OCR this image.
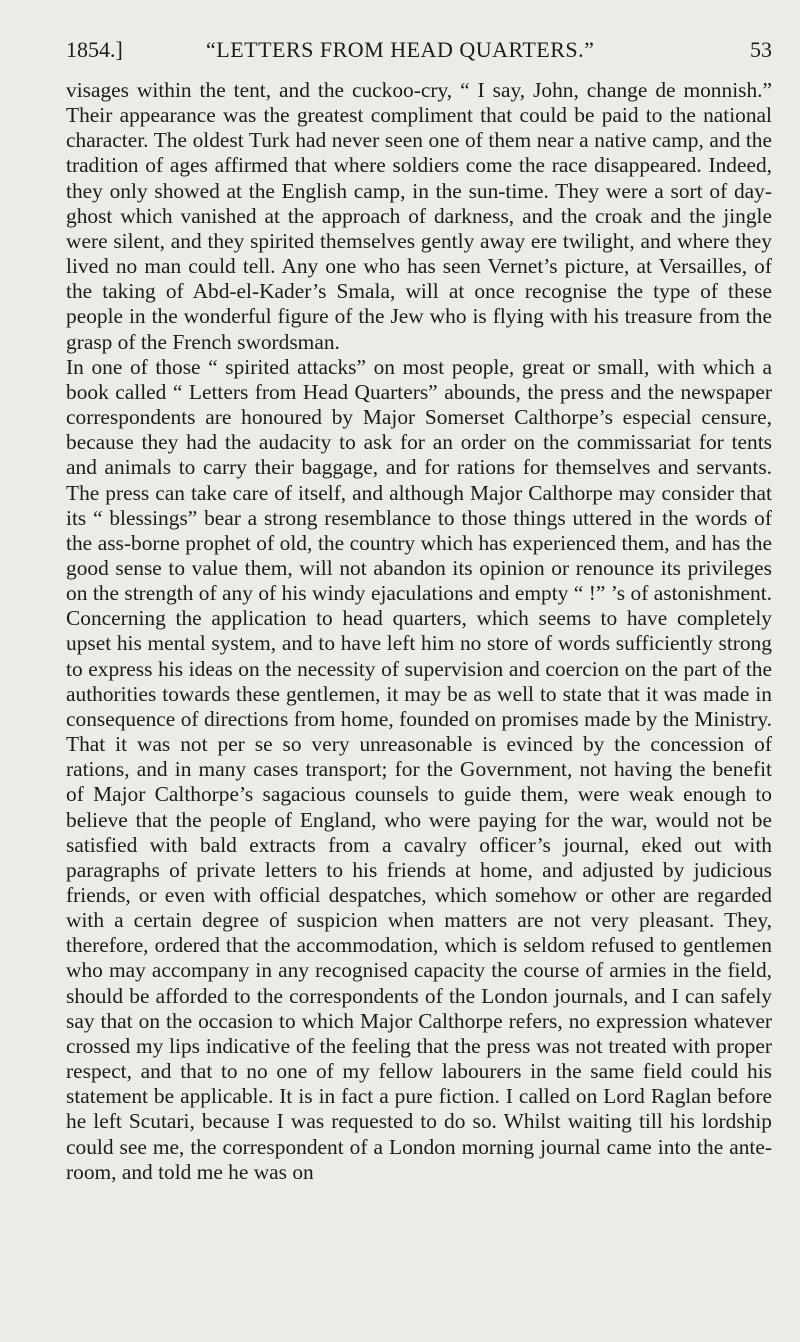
1854.]	“LETTERS FROM HEAD QUARTERS.”	53

visages within the tent, and the cuckoo-cry, “ I say, John, change de monnish.” Their appearance was the greatest compliment that could be paid to the national character. The oldest Turk had never seen one of them near a native camp, and the tradition of ages affirmed that where soldiers come the race disappeared. Indeed, they only showed at the English camp, in the sun-time. They were a sort of day-ghost which vanished at the approach of darkness, and the croak and the jingle were silent, and they spirited themselves gently away ere twilight, and where they lived no man could tell. Any one who has seen Vernet’s picture, at Versailles, of the taking of Abd-el-Kader’s Smala, will at once recognise the type of these people in the wonderful figure of the Jew who is flying with his treasure from the grasp of the French swordsman.

In one of those “ spirited attacks” on most people, great or small, with which a book called “ Letters from Head Quarters” abounds, the press and the newspaper correspondents are honoured by Major Somerset Calthorpe’s especial censure, because they had the audacity to ask for an order on the commissariat for tents and animals to carry their baggage, and for rations for themselves and servants. The press can take care of itself, and although Major Calthorpe may consider that its “ blessings” bear a strong resemblance to those things uttered in the words of the ass-borne prophet of old, the country which has experienced them, and has the good sense to value them, will not abandon its opinion or renounce its privileges on the strength of any of his windy ejaculations and empty “ !” ’s of astonishment. Concerning the application to head quarters, which seems to have completely upset his mental system, and to have left him no store of words sufficiently strong to express his ideas on the necessity of supervision and coercion on the part of the authorities towards these gentlemen, it may be as well to state that it was made in consequence of directions from home, founded on promises made by the Ministry. That it was not per se so very unreasonable is evinced by the concession of rations, and in many cases transport; for the Government, not having the benefit of Major Calthorpe’s sagacious counsels to guide them, were weak enough to believe that the people of England, who were paying for the war, would not be satisfied with bald extracts from a cavalry officer’s journal, eked out with paragraphs of private letters to his friends at home, and adjusted by judicious friends, or even with official despatches, which somehow or other are regarded with a certain degree of suspicion when matters are not very pleasant. They, therefore, ordered that the accommodation, which is seldom refused to gentlemen who may accompany in any recognised capacity the course of armies in the field, should be afforded to the correspondents of the London journals, and I can safely say that on the occasion to which Major Calthorpe refers, no expression whatever crossed my lips indicative of the feeling that the press was not treated with proper respect, and that to no one of my fellow labourers in the same field could his statement be applicable. It is in fact a pure fiction. I called on Lord Raglan before he left Scutari, because I was requested to do so. Whilst waiting till his lordship could see me, the correspondent of a London morning journal came into the ante-room, and told me he was on
